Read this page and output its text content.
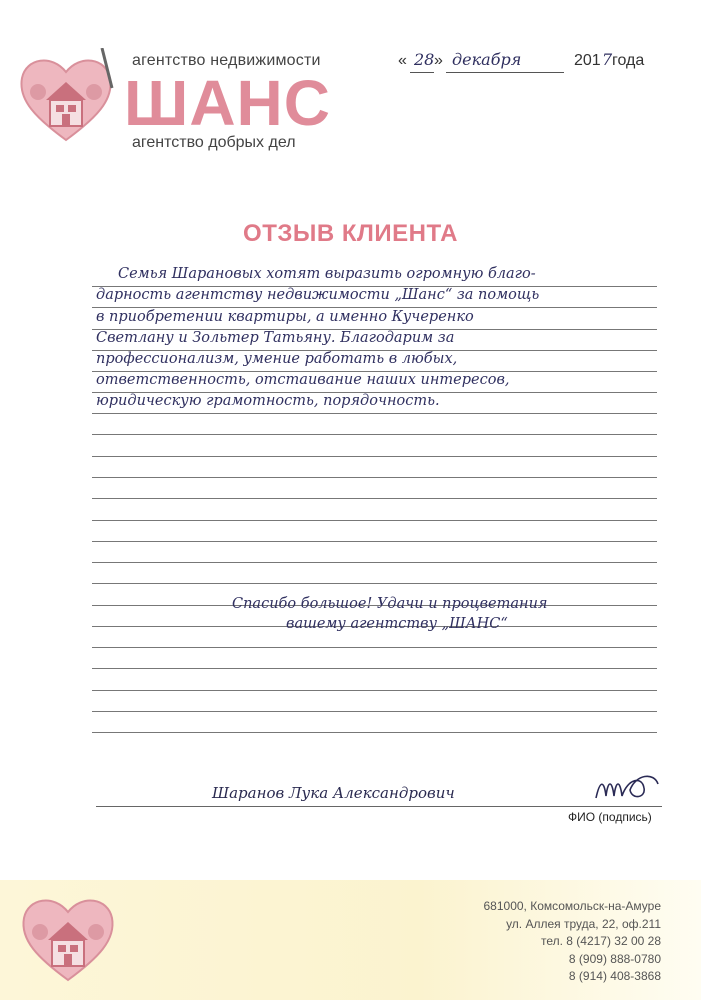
агентство недвижимости
ШАНС
агентство добрых дел
« 28 » декабря	201 7 года
ОТЗЫВ КЛИЕНТА
Семья Шарановых хотят выразить огромную благо-
дарность агентству недвижимости „Шанс“ за помощь
в приобретении квартиры, а именно Кучеренко
Светлану и Зольтер Татьяну. Благодарим за
профессионализм, умение работать в любых,
ответственность, отстаивание наших интересов,
юридическую грамотность, порядочность.
Спасибо большое! Удачи и процветания
вашему агентству „ШАНС“
Шаранов Лука Александрович
ФИО (подпись)
681000, Комсомольск-на-Амуре
ул. Аллея труда, 22, оф.211
тел. 8 (4217) 32 00 28
8 (909) 888-0780
8 (914) 408-3868
